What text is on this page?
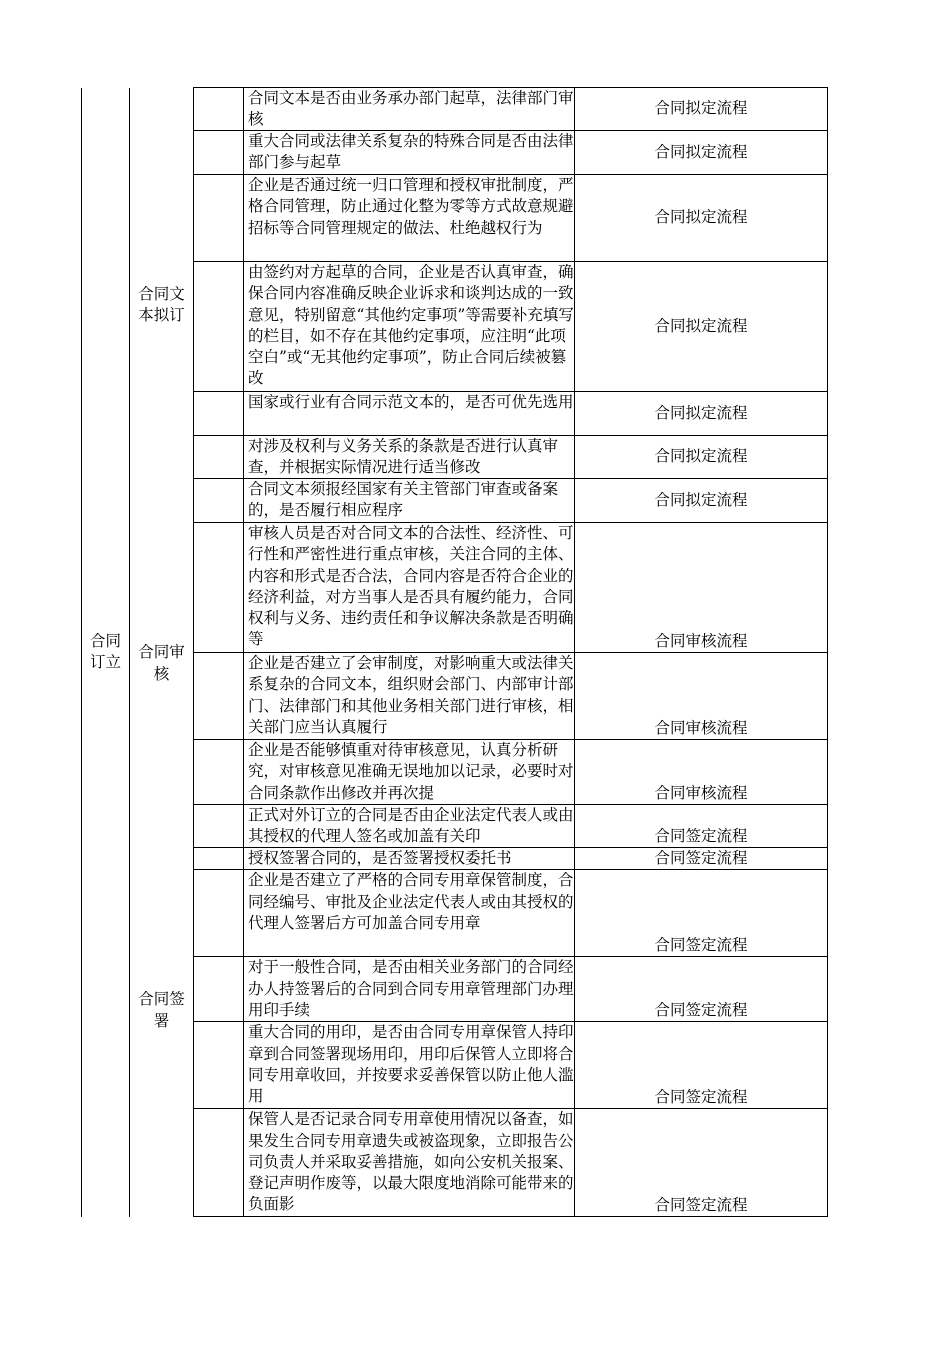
合同订立	合同文本拟订		合同文本是否由业务承办部门起草，法律部门审核	合同拟定流程

			重大合同或法律关系复杂的特殊合同是否由法律部门参与起草	合同拟定流程

			企业是否通过统一归口管理和授权审批制度，严格合同管理，防止通过化整为零等方式故意规避招标等合同管理规定的做法、杜绝越权行为	合同拟定流程

			由签约对方起草的合同，企业是否认真审查，确保合同内容准确反映企业诉求和谈判达成的一致意见，特别留意“其他约定事项”等需要补充填写的栏目，如不存在其他约定事项，应注明“此项空白”或“无其他约定事项”，防止合同后续被篡改	合同拟定流程

			国家或行业有合同示范文本的，是否可优先选用	合同拟定流程

			对涉及权利与义务关系的条款是否进行认真审查，并根据实际情况进行适当修改	合同拟定流程

			合同文本须报经国家有关主管部门审查或备案的，是否履行相应程序	合同拟定流程
	合同审核		审核人员是否对合同文本的合法性、经济性、可行性和严密性进行重点审核，关注合同的主体、内容和形式是否合法，合同内容是否符合企业的经济利益，对方当事人是否具有履约能力，合同权利与义务、违约责任和争议解决条款是否明确等	合同审核流程

			企业是否建立了会审制度，对影响重大或法律关系复杂的合同文本，组织财会部门、内部审计部门、法律部门和其他业务相关部门进行审核，相关部门应当认真履行	合同审核流程

			企业是否能够慎重对待审核意见，认真分析研究，对审核意见准确无误地加以记录，必要时对合同条款作出修改并再次提	合同审核流程
	合同签署		正式对外订立的合同是否由企业法定代表人或由其授权的代理人签名或加盖有关印	合同签定流程

			授权签署合同的，是否签署授权委托书	合同签定流程

			企业是否建立了严格的合同专用章保管制度，合同经编号、审批及企业法定代表人或由其授权的代理人签署后方可加盖合同专用章	合同签定流程

			对于一般性合同，是否由相关业务部门的合同经办人持签署后的合同到合同专用章管理部门办理用印手续	合同签定流程

			重大合同的用印，是否由合同专用章保管人持印章到合同签署现场用印，用印后保管人立即将合同专用章收回，并按要求妥善保管以防止他人滥用	合同签定流程

			保管人是否记录合同专用章使用情况以备查，如果发生合同专用章遗失或被盗现象，立即报告公司负责人并采取妥善措施，如向公安机关报案、登记声明作废等，以最大限度地消除可能带来的负面影	合同签定流程
